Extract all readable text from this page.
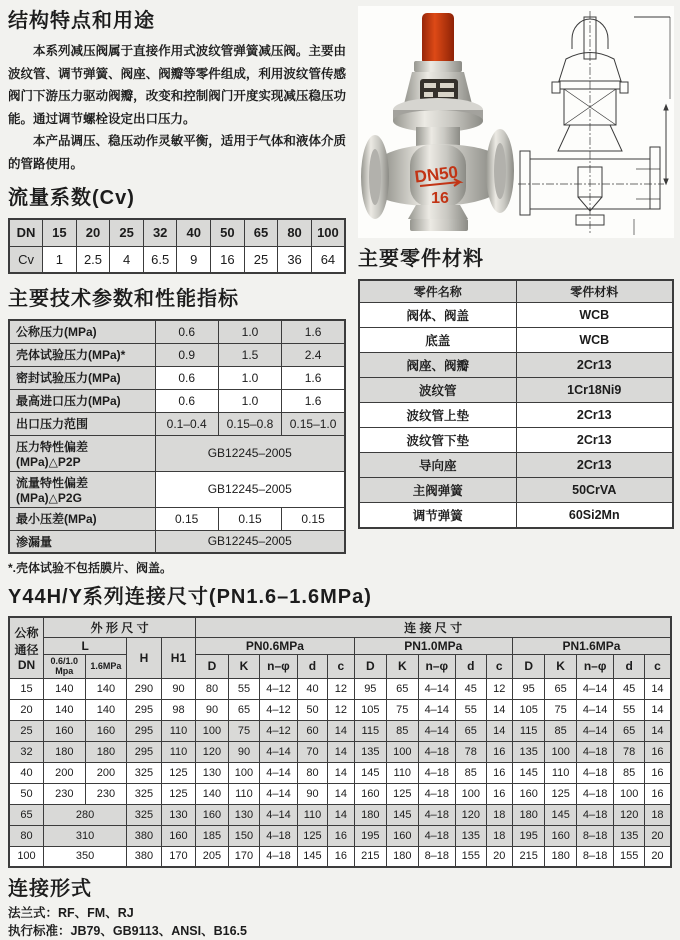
结构特点和用途

本系列减压阀属于直接作用式波纹管弹簧减压阀。主要由波纹管、调节弹簧、阀座、阀瓣等零件组成，利用波纹管传感阀门下游压力驱动阀瓣，改变和控制阀门开度实现减压稳压功能。通过调节螺栓设定出口压力。

本产品调压、稳压动作灵敏平衡，适用于气体和液体介质的管路使用。

流量系数(Cv)
DN	15	20	25	32	40	50	65	80	100
Cv	1	2.5	4	6.5	9	16	25	36	64
主要技术参数和性能指标
公称压力(MPa)	0.6	1.0	1.6
壳体试验压力(MPa)*	0.9	1.5	2.4
密封试验压力(MPa)	0.6	1.0	1.6
最高进口压力(MPa)	0.6	1.0	1.6
出口压力范围	0.1–0.4	0.15–0.8	0.15–1.0
压力特性偏差(MPa)△P2P	GB12245–2005		
流量特性偏差(MPa)△P2G	GB12245–2005		
最小压差(MPa)	0.15	0.15	0.15
渗漏量	GB12245–2005		
*.壳体试验不包括膜片、阀盖。
DN50
16
主要零件材料
零件名称	零件材料
阀体、阀盖	WCB
底盖	WCB
阀座、阀瓣	2Cr13
波纹管	1Cr18Ni9
波纹管上垫	2Cr13
波纹管下垫	2Cr13
导向座	2Cr13
主阀弹簧	50CrVA
调节弹簧	60Si2Mn
Y44H/Y系列连接尺寸(PN1.6–1.6MPa)
公称通径DN	外 形 尺 寸				连 接 尺 寸														
	L		H	H1	PN0.6MPa					PN1.0MPa					PN1.6MPa				
	0.6/1.0 Mpa	1.6MPa			D	K	n–φ	d	c	D	K	n–φ	d	c	D	K	n–φ	d	c
15	140	140	290	90	80	55	4–12	40	12	95	65	4–14	45	12	95	65	4–14	45	14
20	140	140	295	98	90	65	4–12	50	12	105	75	4–14	55	14	105	75	4–14	55	14
25	160	160	295	110	100	75	4–12	60	14	115	85	4–14	65	14	115	85	4–14	65	14
32	180	180	295	110	120	90	4–14	70	14	135	100	4–18	78	16	135	100	4–18	78	16
40	200	200	325	125	130	100	4–14	80	14	145	110	4–18	85	16	145	110	4–18	85	16
50	230	230	325	125	140	110	4–14	90	14	160	125	4–18	100	16	160	125	4–18	100	16
65	280		325	130	160	130	4–14	110	14	180	145	4–18	120	18	180	145	4–18	120	18
80	310		380	160	185	150	4–18	125	16	195	160	4–18	135	18	195	160	8–18	135	20
100	350		380	170	205	170	4–18	145	16	215	180	8–18	155	20	215	180	8–18	155	20
连接形式
法兰式：RF、FM、RJ
执行标准：JB79、GB9113、ANSI、B16.5
